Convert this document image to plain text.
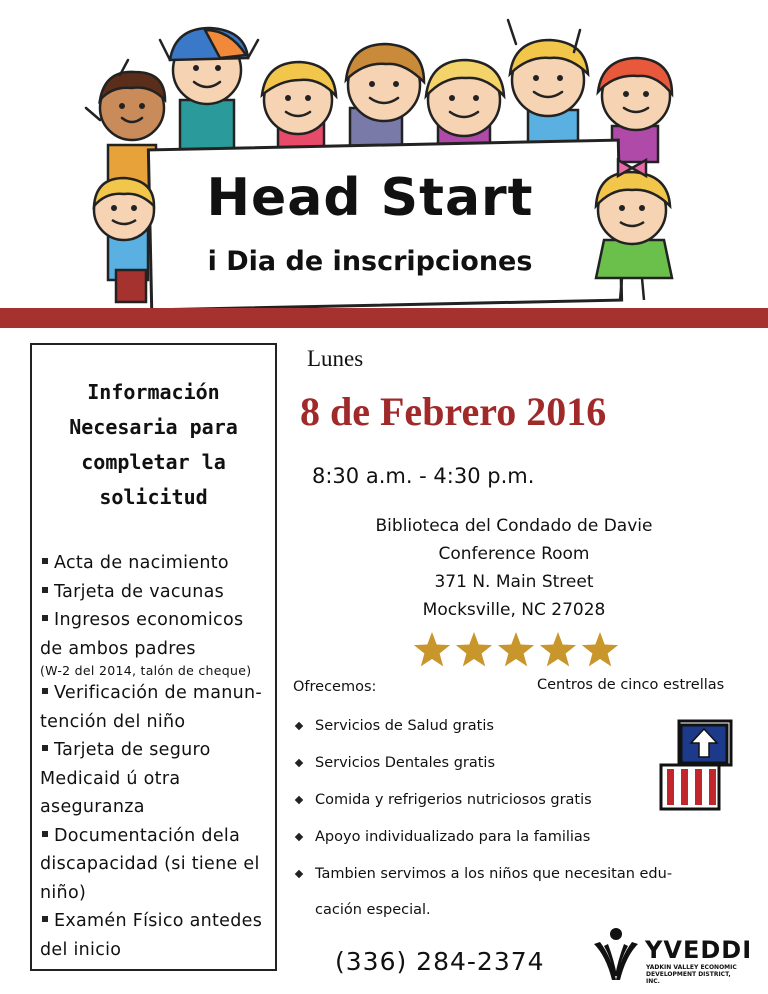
Head Start
i Dia de inscripciones
Información
Necesaria para
completar la
solicitud
Acta de nacimiento
Tarjeta de vacunas
Ingresos economicos
de ambos padres
(W-2 del 2014, talón de cheque)
Verificación de manun-
tención del niño
Tarjeta de seguro
Medicaid ú otra
aseguranza
Documentación dela
discapacidad (si tiene el
niño)
Examén Físico antedes
del inicio
Lunes
8 de Febrero 2016
8:30 a.m. - 4:30 p.m.
Biblioteca del Condado de Davie
Conference Room
371 N. Main Street
Mocksville, NC 27028
Ofrecemos:	Centros de cinco estrellas
Servicios de Salud gratis
Servicios Dentales gratis
Comida y refrigerios nutriciosos gratis
Apoyo individualizado para la familias
Tambien servimos a los niños que necesitan edu-
cación especial.
(336) 284-2374	YVEDDI
YADKIN VALLEY ECONOMIC DEVELOPMENT DISTRICT, INC.
